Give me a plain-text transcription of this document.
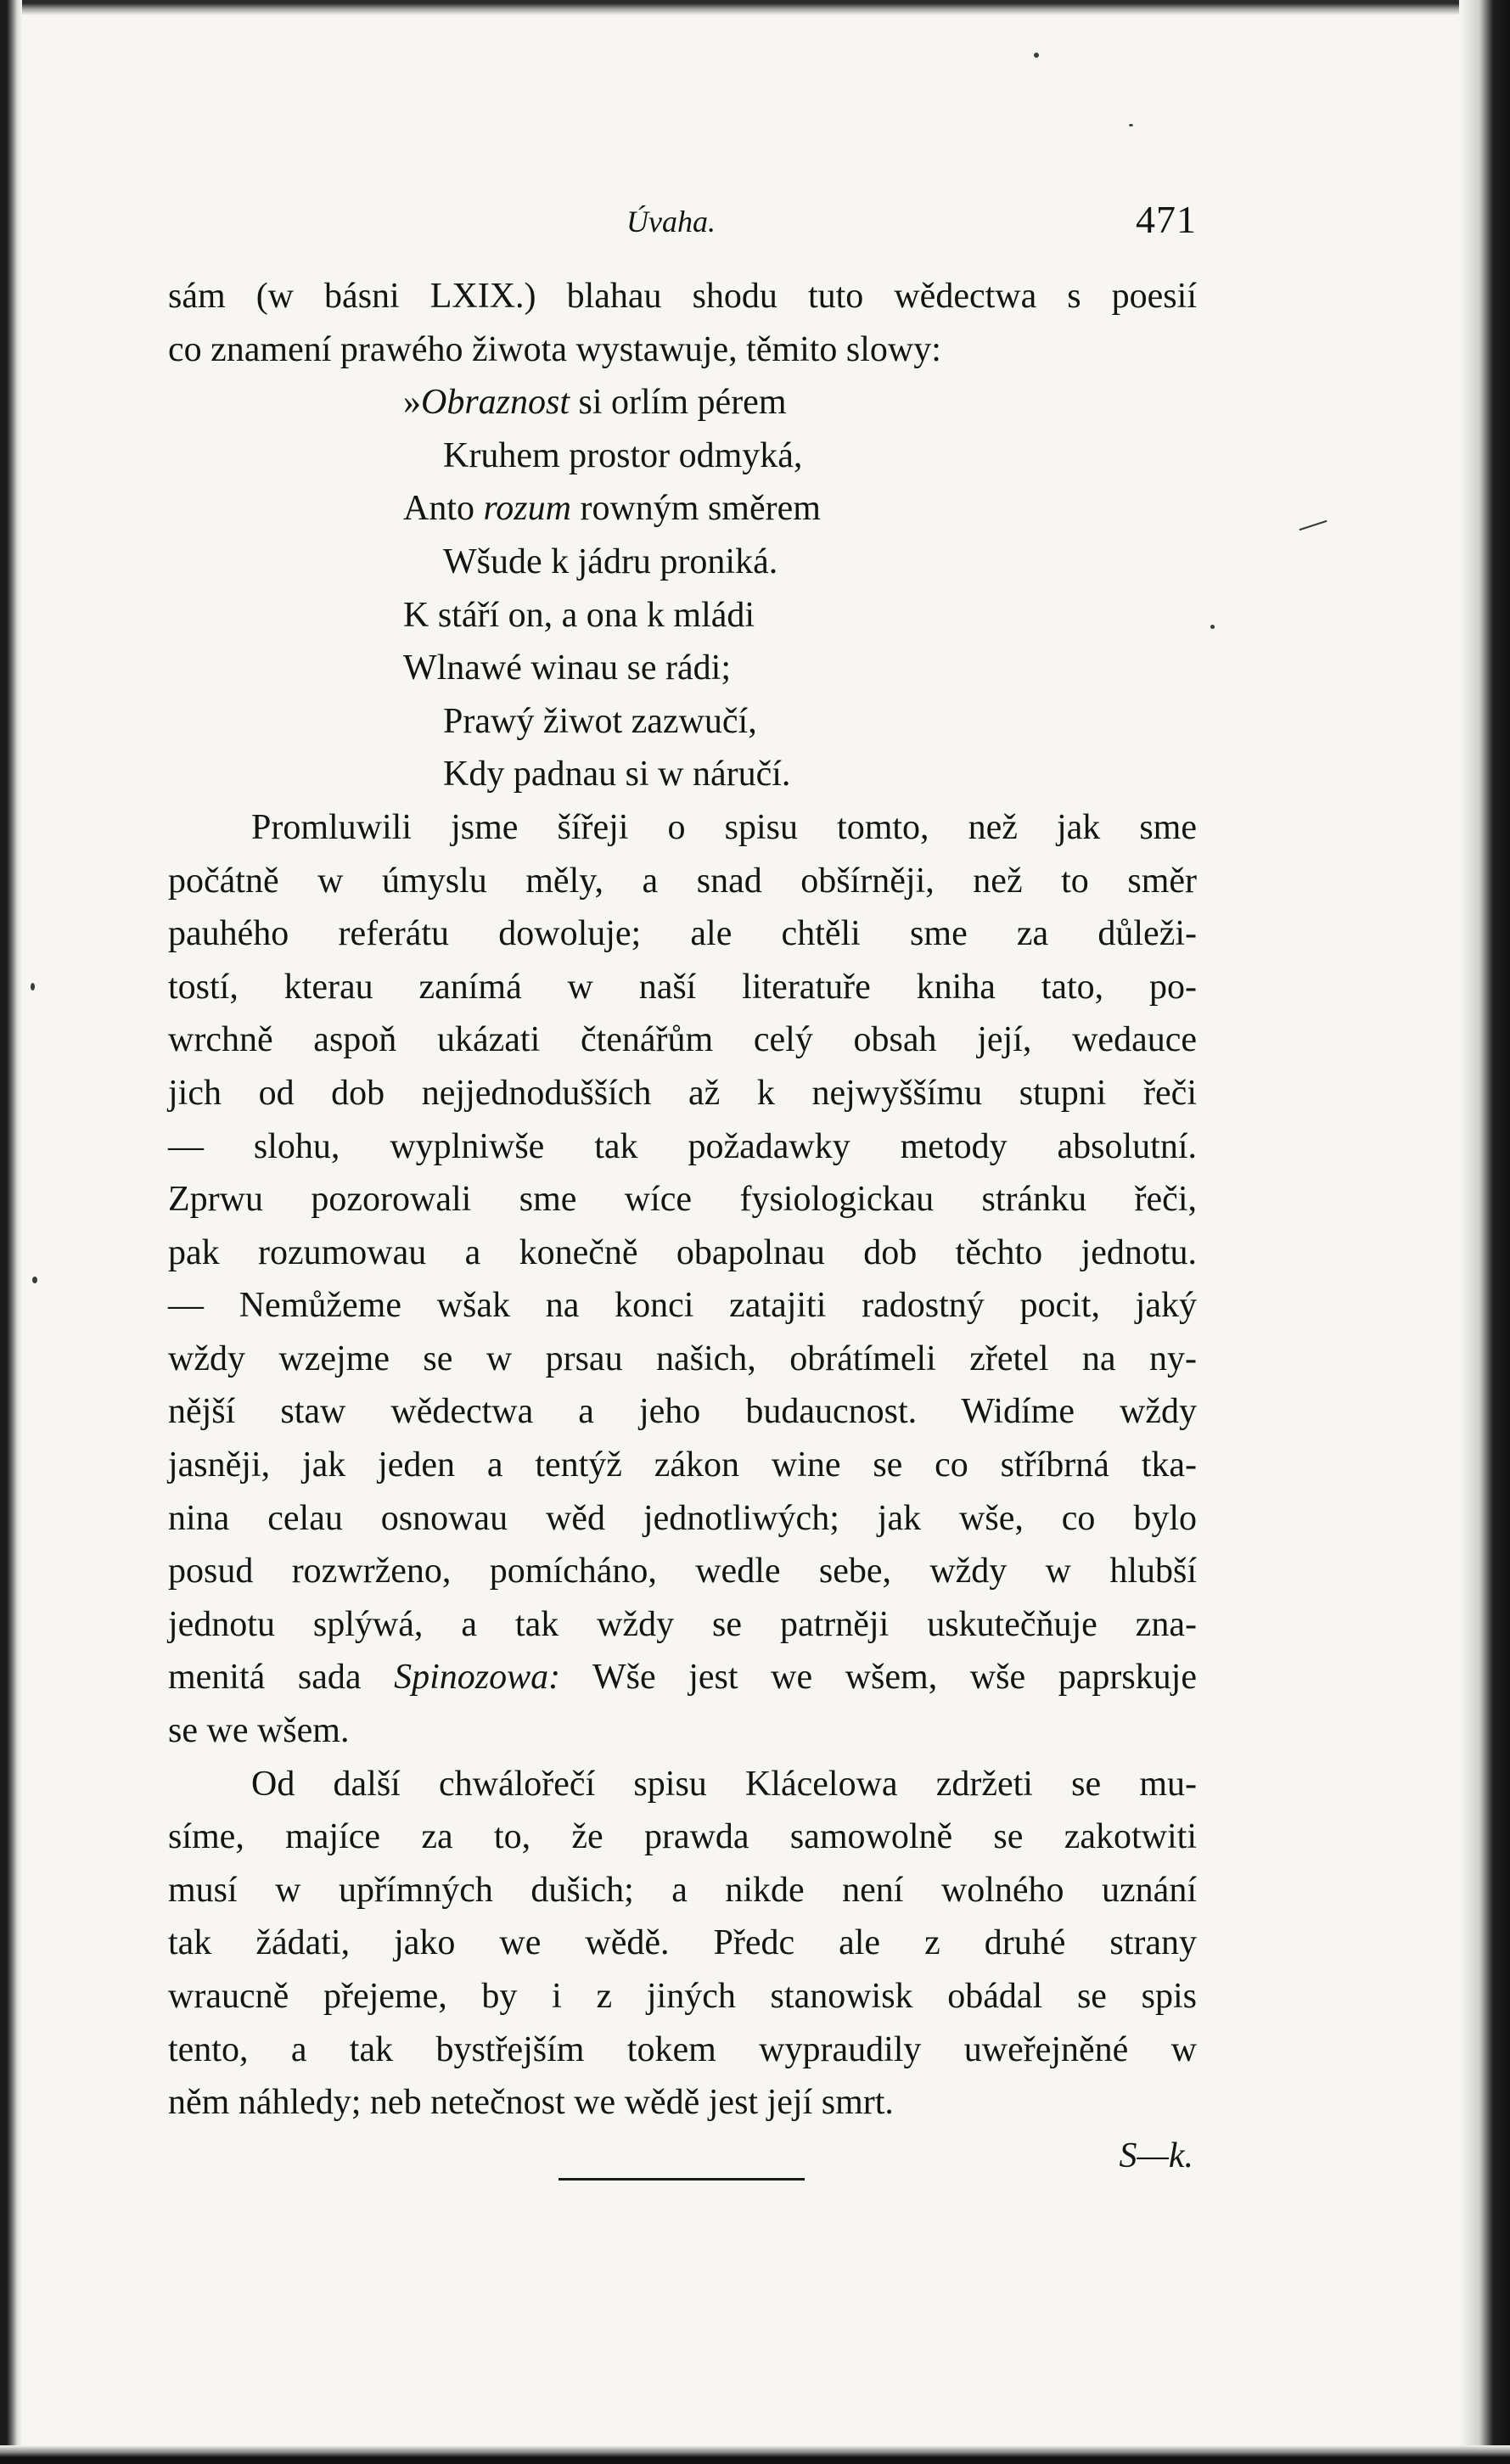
Úvaha.	471
sám (w básni LXIX.) blahau shodu tuto wědectwa s poesií
co znamení prawého žiwota wystawuje, těmito slowy:
»Obraznost si orlím pérem
Kruhem prostor odmyká,
Anto rozum rowným směrem
Wšude k jádru proniká.
K stáří on, a ona k mládi
Wlnawé winau se rádi;
Prawý žiwot zazwučí,
Kdy padnau si w náručí.
Promluwili jsme šířeji o spisu tomto, než jak sme
počátně w úmyslu měly, a snad obšírněji, než to směr
pauhého referátu dowoluje; ale chtěli sme za důleži-
tostí, kterau zanímá w naší literatuře kniha tato, po-
wrchně aspoň ukázati čtenářům celý obsah její, wedauce
jich od dob nejjednodušších až k nejwyššímu stupni řeči
— slohu, wyplniwše tak požadawky metody absolutní.
Zprwu pozorowali sme wíce fysiologickau stránku řeči,
pak rozumowau a konečně obapolnau dob těchto jednotu.
— Nemůžeme wšak na konci zatajiti radostný pocit, jaký
wždy wzejme se w prsau našich, obrátímeli zřetel na ny-
nější staw wědectwa a jeho budaucnost. Widíme wždy
jasněji, jak jeden a tentýž zákon wine se co stříbrná tka-
nina celau osnowau wěd jednotliwých; jak wše, co bylo
posud rozwrženo, pomícháno, wedle sebe, wždy w hlubší
jednotu splýwá, a tak wždy se patrněji uskutečňuje zna-
menitá sada Spinozowa: Wše jest we wšem, wše paprskuje
se we wšem.
Od další chwálořečí spisu Klácelowa zdržeti se mu-
síme, majíce za to, že prawda samowolně se zakotwiti
musí w upřímných dušich; a nikde není wolného uznání
tak žádati, jako we wědě. Předc ale z druhé strany
wraucně přejeme, by i z jiných stanowisk obádal se spis
tento, a tak bystřejším tokem wypraudily uweřejněné w
něm náhledy; neb netečnost we wědě jest její smrt.
S—k.
